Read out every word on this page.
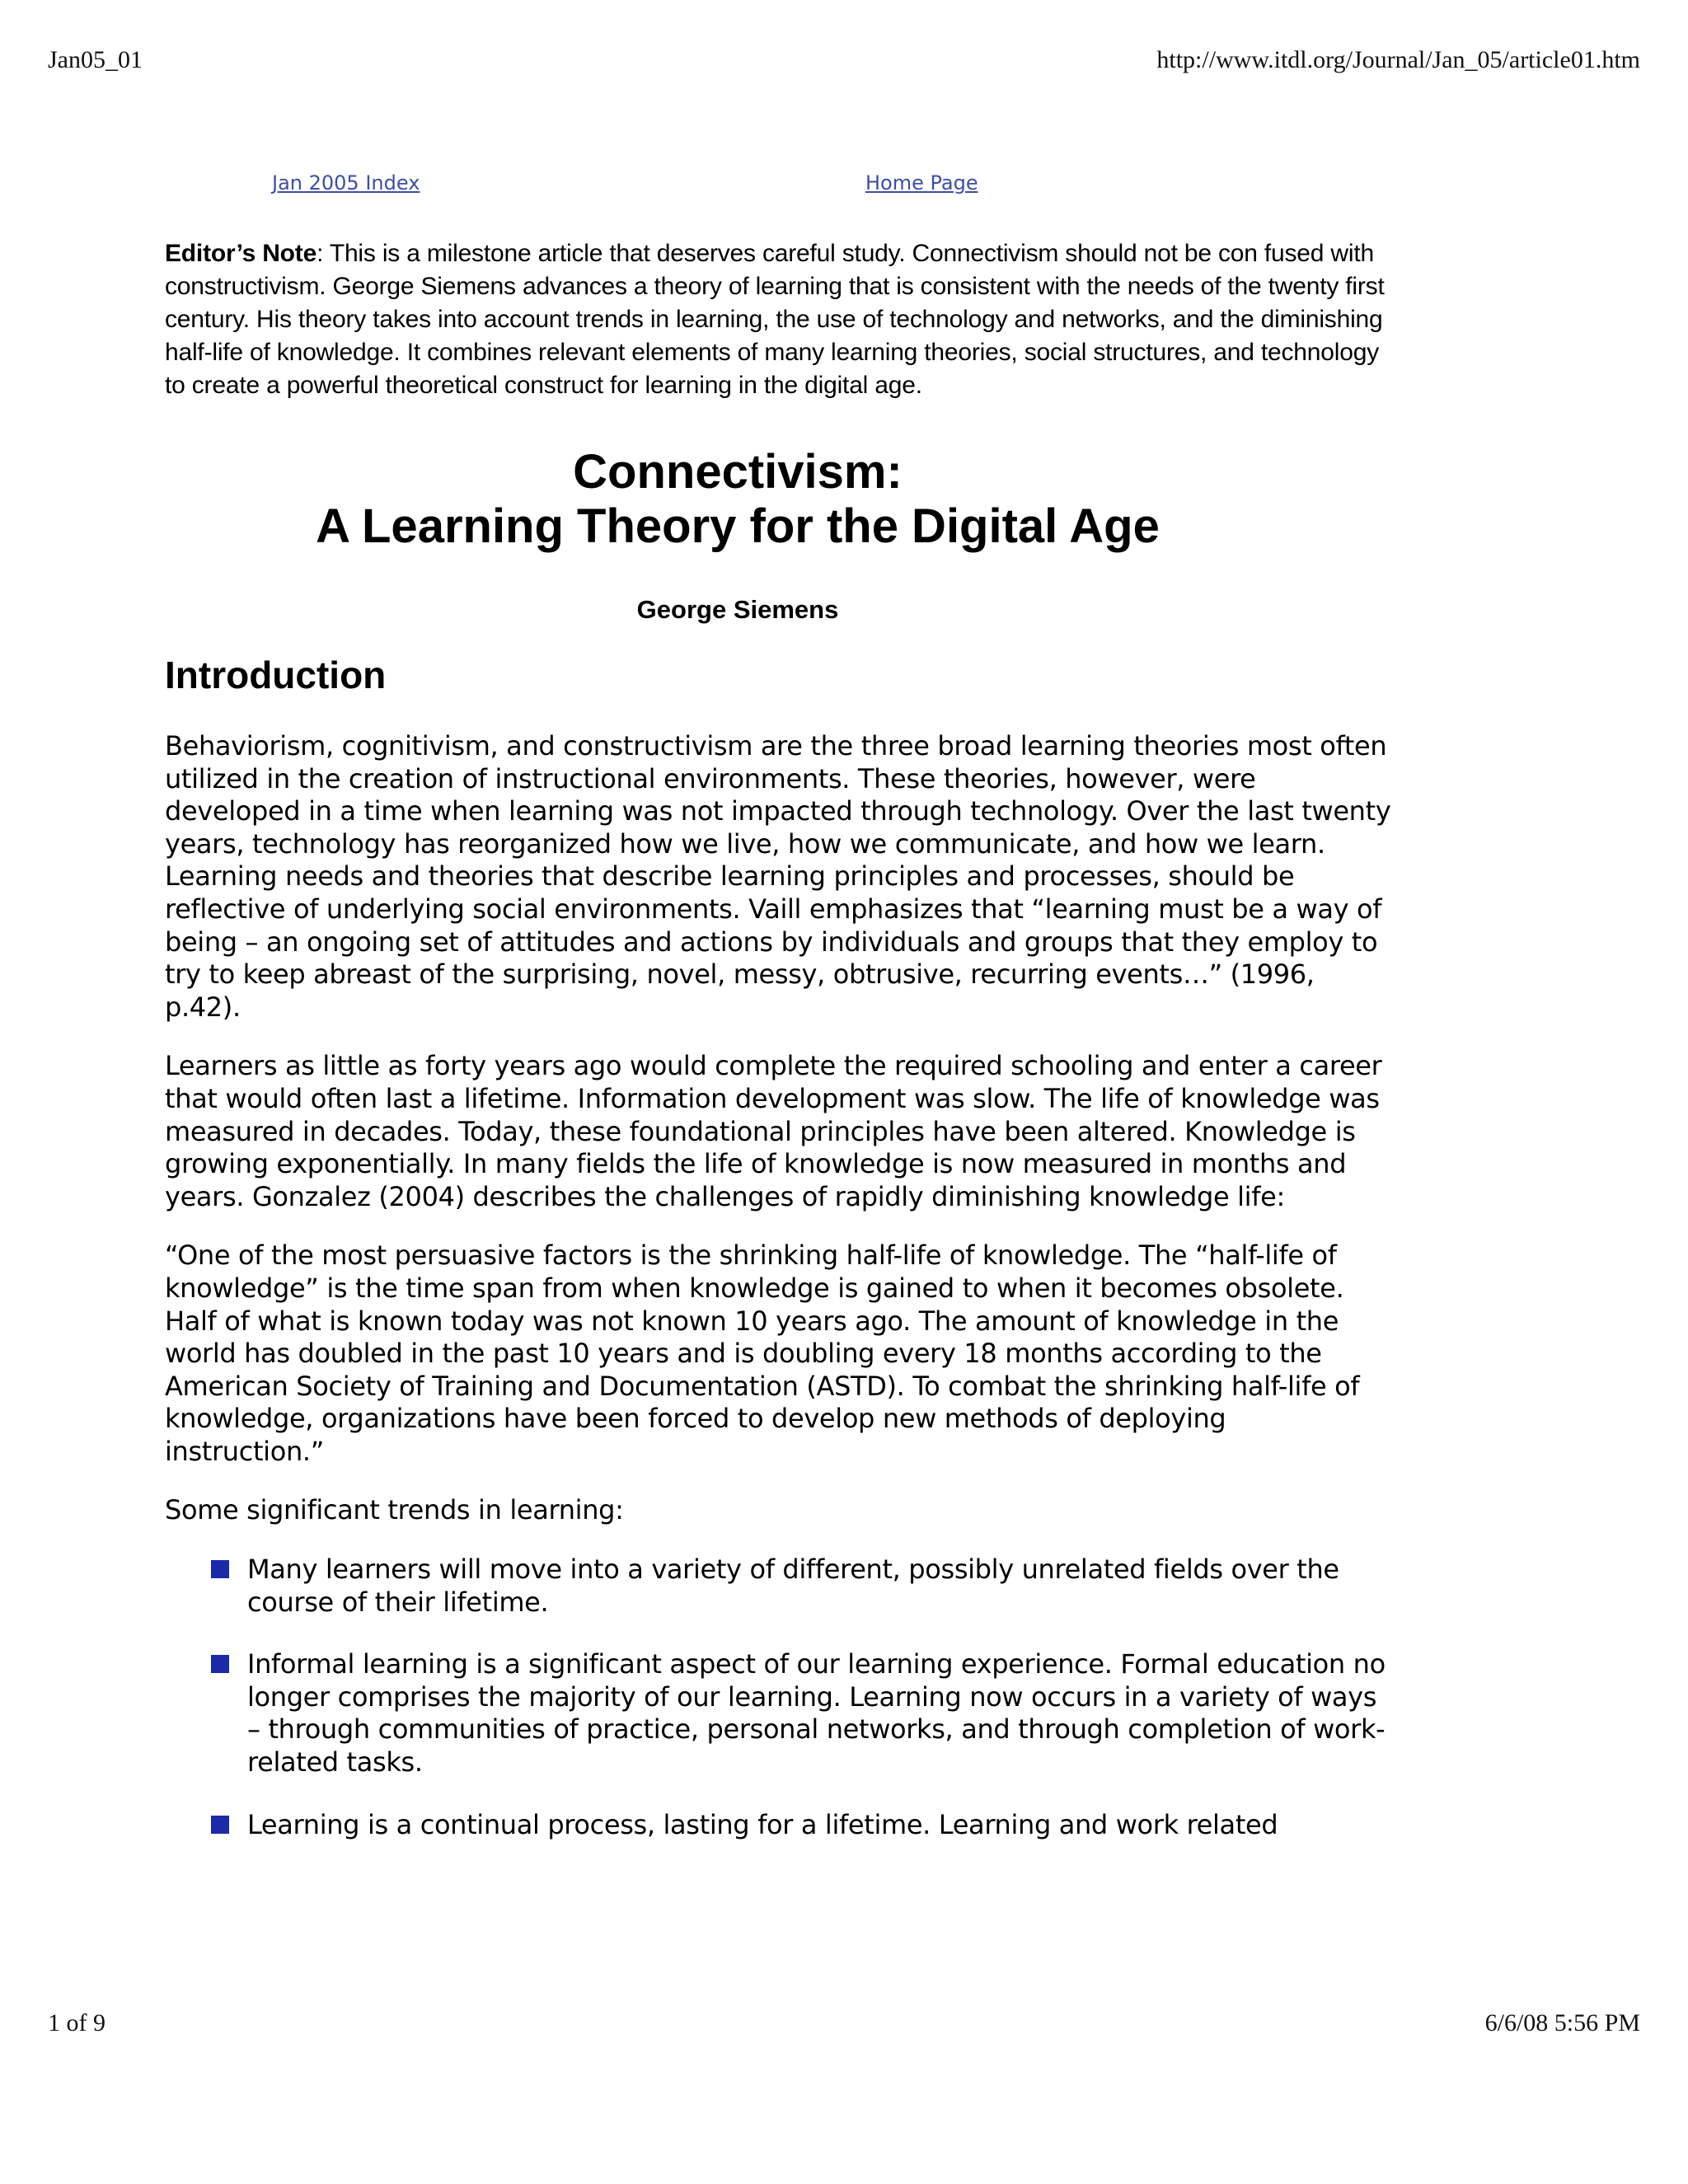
Jan05_01	http://www.itdl.org/Journal/Jan_05/article01.htm
Jan 2005 Index	Home Page

Editor’s Note: This is a milestone article that deserves careful study. Connectivism should not be con fused with constructivism. George Siemens advances a theory of learning that is consistent with the needs of the twenty first century. His theory takes into account trends in learning, the use of technology and networks, and the diminishing half-life of knowledge. It combines relevant elements of many learning theories, social structures, and technology to create a powerful theoretical construct for learning in the digital age.

Connectivism:
A Learning Theory for the Digital Age
George Siemens
Introduction

Behaviorism, cognitivism, and constructivism are the three broad learning theories most often utilized in the creation of instructional environments. These theories, however, were developed in a time when learning was not impacted through technology. Over the last twenty years, technology has reorganized how we live, how we communicate, and how we learn. Learning needs and theories that describe learning principles and processes, should be reflective of underlying social environments. Vaill emphasizes that “learning must be a way of being – an ongoing set of attitudes and actions by individuals and groups that they employ to try to keep abreast of the surprising, novel, messy, obtrusive, recurring events…” (1996, p.42).

Learners as little as forty years ago would complete the required schooling and enter a career that would often last a lifetime. Information development was slow. The life of knowledge was measured in decades. Today, these foundational principles have been altered. Knowledge is growing exponentially. In many fields the life of knowledge is now measured in months and years. Gonzalez (2004) describes the challenges of rapidly diminishing knowledge life:

“One of the most persuasive factors is the shrinking half-life of knowledge. The “half-life of knowledge” is the time span from when knowledge is gained to when it becomes obsolete. Half of what is known today was not known 10 years ago. The amount of knowledge in the world has doubled in the past 10 years and is doubling every 18 months according to the American Society of Training and Documentation (ASTD). To combat the shrinking half-life of knowledge, organizations have been forced to develop new methods of deploying instruction.”

Some significant trends in learning:

Many learners will move into a variety of different, possibly unrelated fields over the course of their lifetime.
Informal learning is a significant aspect of our learning experience. Formal education no longer comprises the majority of our learning. Learning now occurs in a variety of ways – through communities of practice, personal networks, and through completion of work-related tasks.
Learning is a continual process, lasting for a lifetime. Learning and work related
1 of 9	6/6/08 5:56 PM
